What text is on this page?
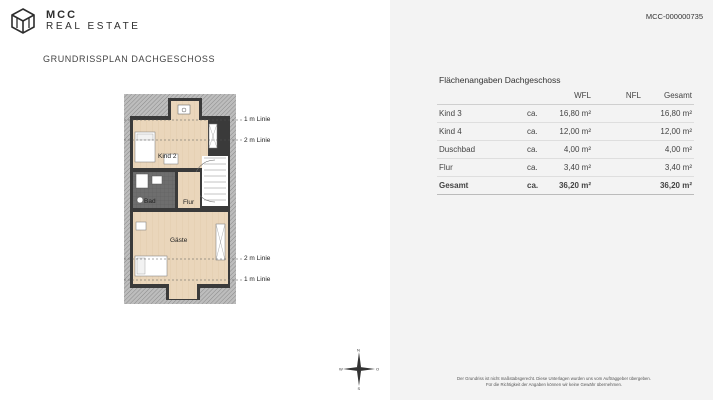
MCC
REAL ESTATE
GRUNDRISSPLAN DACHGESCHOSS
Kind 2
Bad	Flur
Gäste
1 m Linie
2 m Linie
2 m Linie
1 m Linie
N
S
W	O
MCC-000000735
Flächenangaben Dachgeschoss
		WFL	NFL	Gesamt
Kind 3	ca.	16,80 m²		16,80 m²
Kind 4	ca.	12,00 m²		12,00 m²
Duschbad	ca.	4,00 m²		4,00 m²
Flur	ca.	3,40 m²		3,40 m²
Gesamt	ca.	36,20 m²		36,20 m²
Der Grundriss ist nicht maßstabsgerecht. Diese Unterlagen wurden uns vom Auftraggeber übergeben.
Für die Richtigkeit der Angaben können wir keine Gewähr übernehmen.
